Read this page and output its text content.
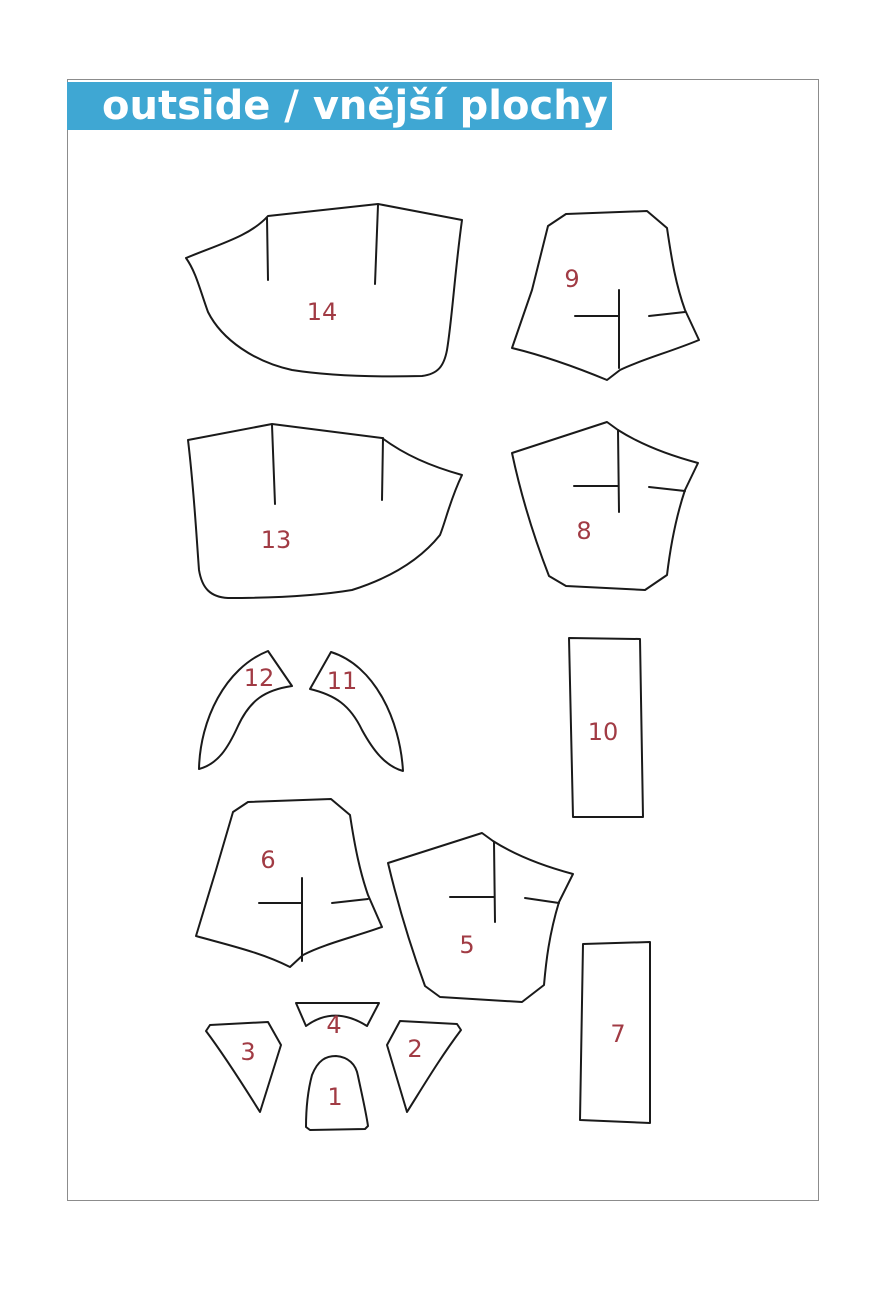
outside / vnější plochy
14
9
13	8
12 11
10
6
5
7
4
3	2
1
